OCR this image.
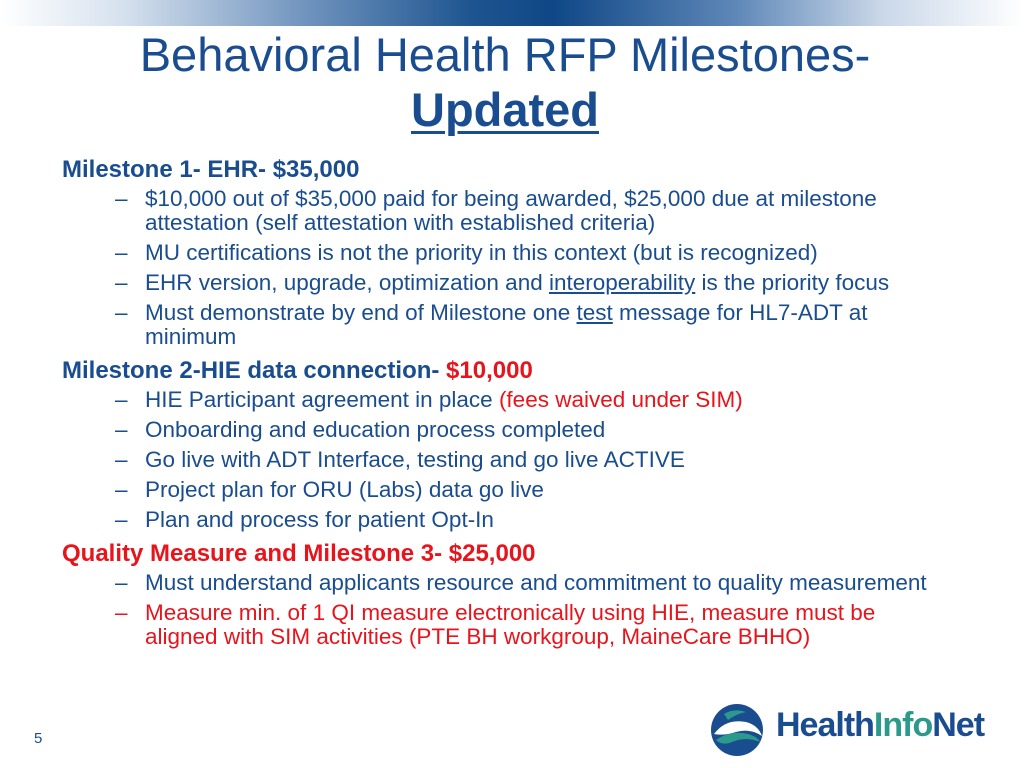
Behavioral Health RFP Milestones-
Updated
Milestone 1- EHR- $35,000
– $10,000 out of $35,000 paid for being awarded, $25,000 due at milestone attestation (self attestation with established criteria)
– MU certifications is not the priority in this context (but is recognized)
– EHR version, upgrade, optimization and interoperability is the priority focus
– Must demonstrate by end of Milestone one test message for HL7-ADT at minimum
Milestone 2-HIE data connection- $10,000
– HIE Participant agreement in place (fees waived under SIM)
– Onboarding and education process completed
– Go live with ADT Interface, testing and go live ACTIVE
– Project plan for ORU (Labs) data go live
– Plan and process for patient Opt-In
Quality Measure and Milestone 3- $25,000
– Must understand applicants resource and commitment to quality measurement
– Measure min. of 1 QI measure electronically using HIE, measure must be aligned with SIM activities (PTE BH workgroup, MaineCare BHHO)
5	HealthInfoNet
